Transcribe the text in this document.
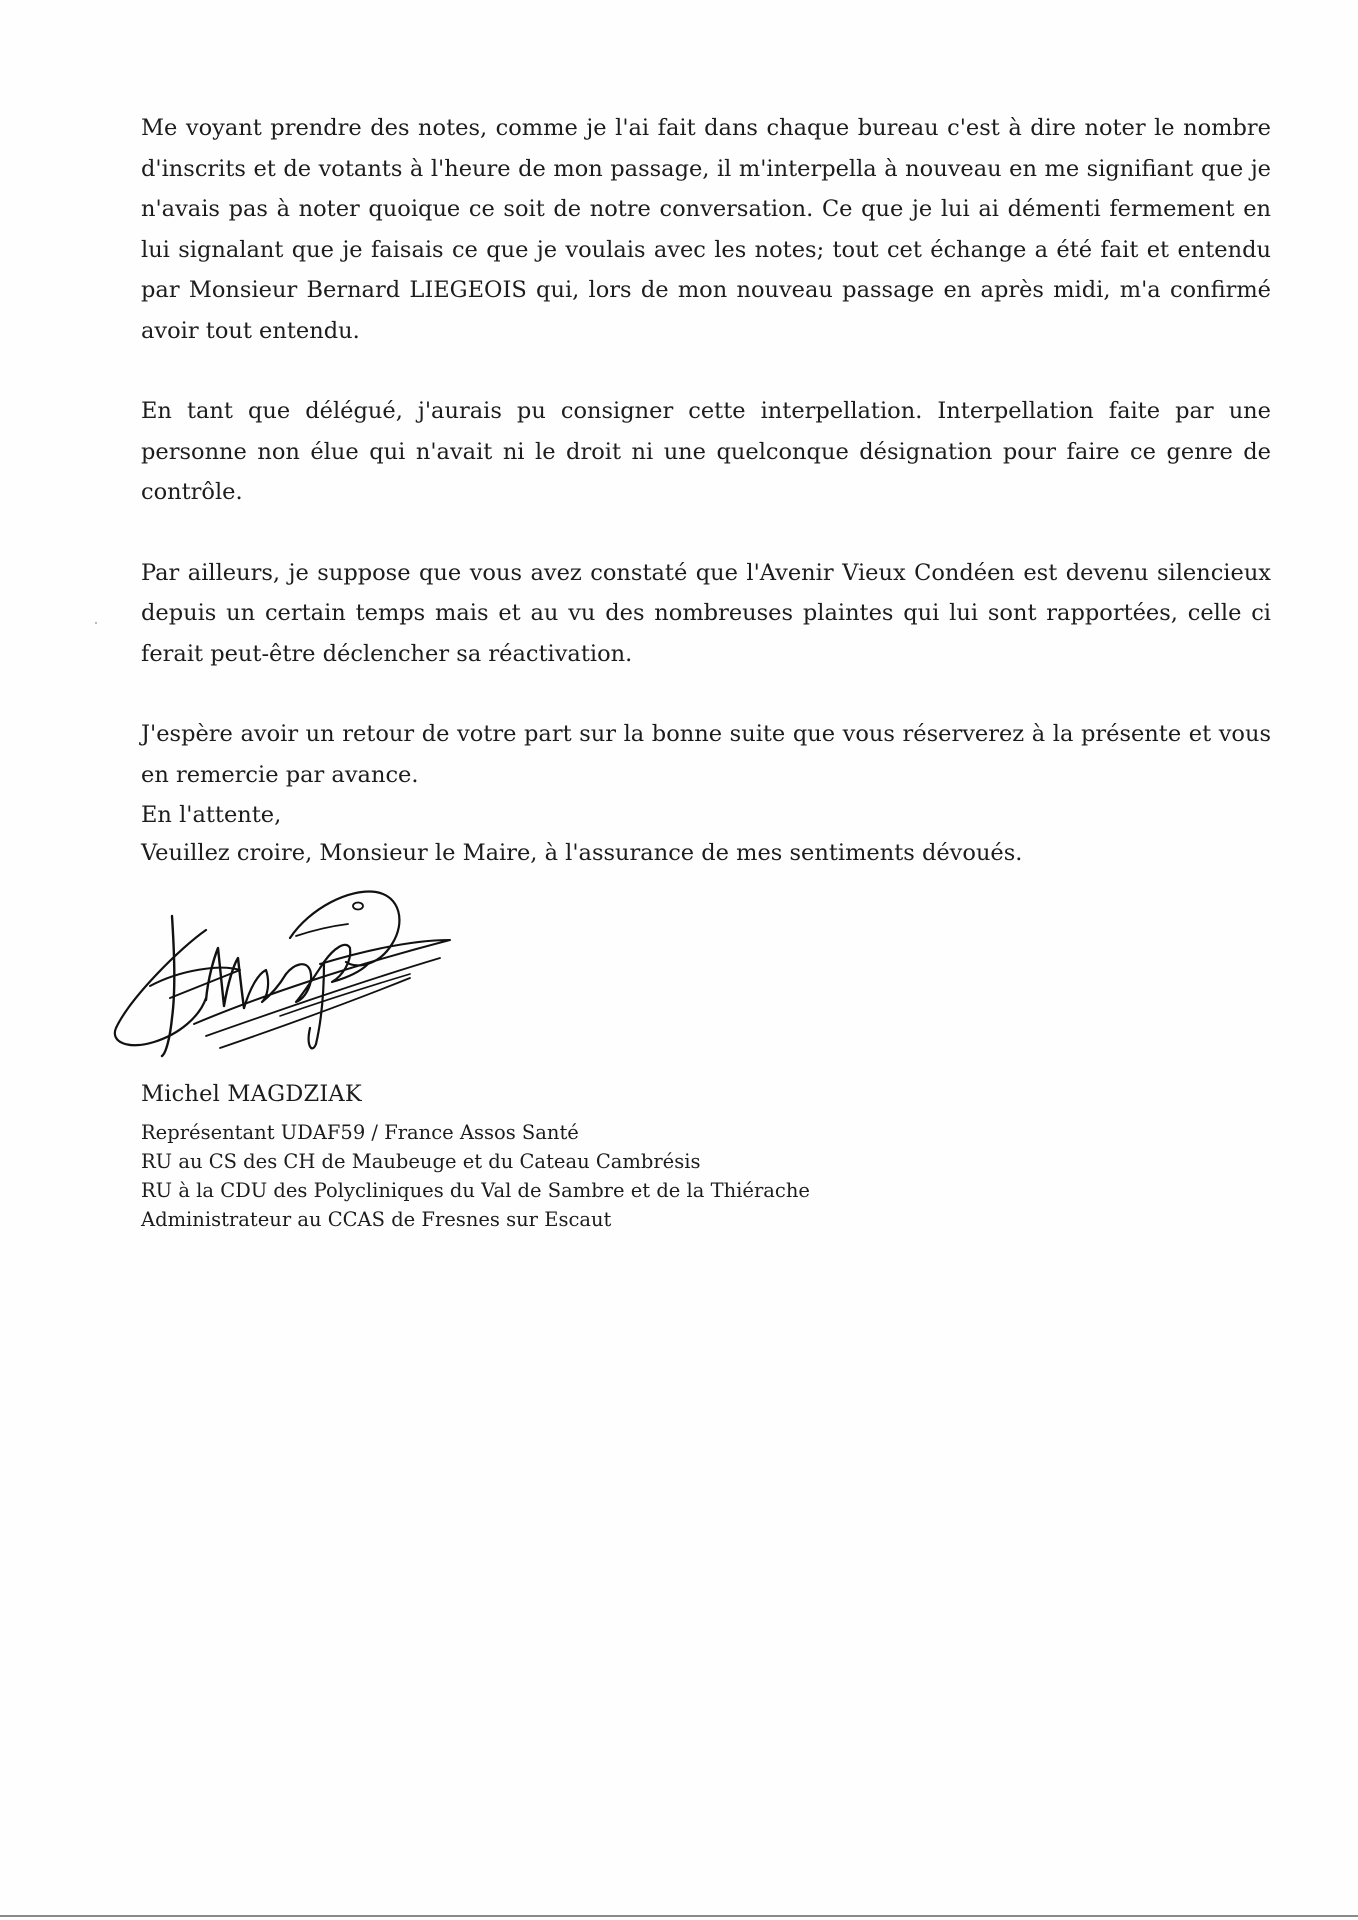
Me voyant prendre des notes, comme je l'ai fait dans chaque bureau c'est à dire noter le nombre d'inscrits et de votants à l'heure de mon passage, il m'interpella à nouveau en me signifiant que je n'avais pas à noter quoique ce soit de notre conversation. Ce que je lui ai démenti fermement en lui signalant que je faisais ce que je voulais avec les notes; tout cet échange a été fait et entendu par Monsieur Bernard LIEGEOIS qui, lors de mon nouveau passage en après midi, m'a confirmé avoir tout entendu.

En tant que délégué, j'aurais pu consigner cette interpellation. Interpellation faite par une personne non élue qui n'avait ni le droit ni une quelconque désignation pour faire ce genre de contrôle.

Par ailleurs, je suppose que vous avez constaté que l'Avenir Vieux Condéen est devenu silencieux depuis un certain temps mais et au vu des nombreuses plaintes qui lui sont rapportées, celle ci ferait peut-être déclencher sa réactivation.

J'espère avoir un retour de votre part sur la bonne suite que vous réserverez à la présente et vous en remercie par avance.

En l'attente,
Veuillez croire, Monsieur le Maire, à l'assurance de mes sentiments dévoués.
Michel MAGDZIAK
Représentant UDAF59 / France Assos Santé
RU au CS des CH de Maubeuge et du Cateau Cambrésis
RU à la CDU des Polycliniques du Val de Sambre et de la Thiérache
Administrateur au CCAS de Fresnes sur Escaut
